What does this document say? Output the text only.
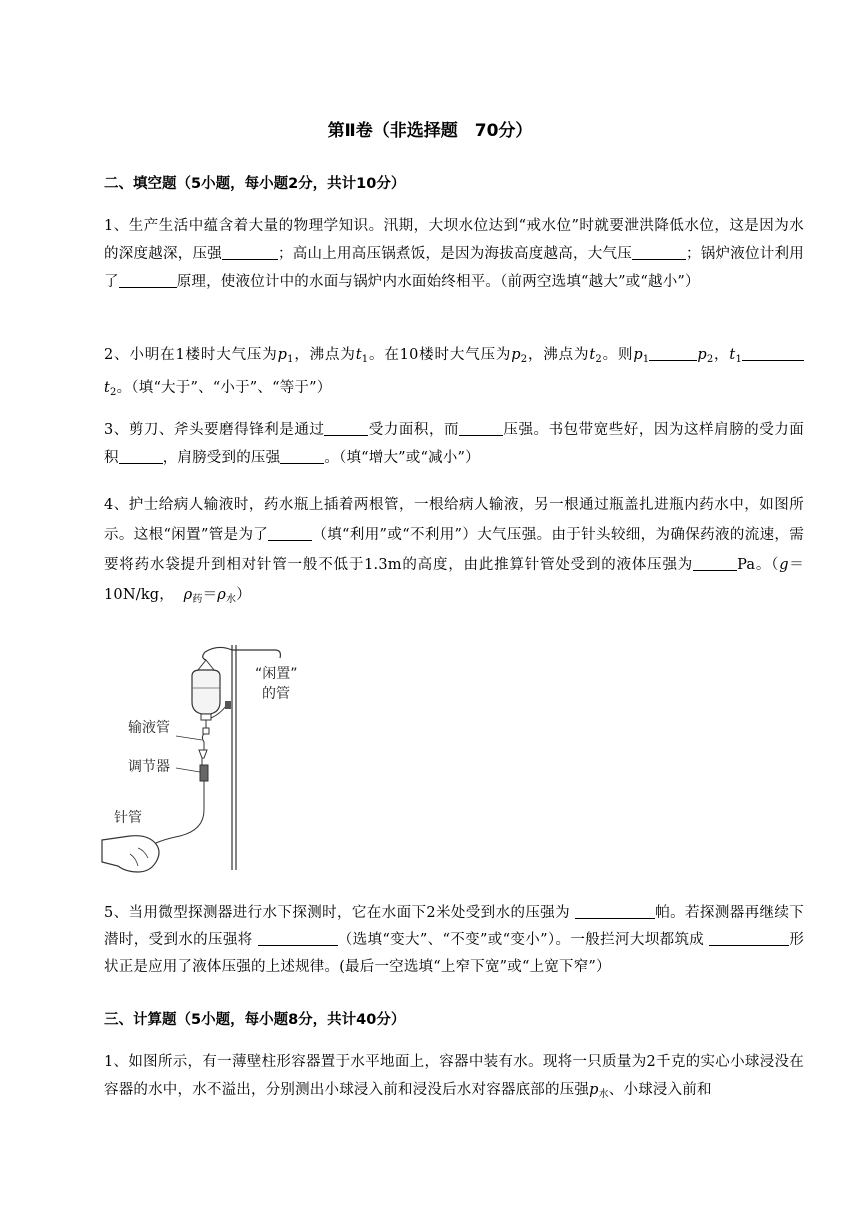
第Ⅱ卷（非选择题　70分）
二、填空题（5小题，每小题2分，共计10分）
1、生产生活中蕴含着大量的物理学知识。汛期，大坝水位达到“戒水位”时就要泄洪降低水位，这是因为水的深度越深，压强	；高山上用高压锅煮饭，是因为海拔高度越高，大气压	；锅炉液位计利用了	原理，使液位计中的水面与锅炉内水面始终相平。（前两空选填“越大”或“越小”）
2、小明在1楼时大气压为$p_1$，沸点为$t_1$。在10楼时大气压为$p_2$，沸点为$t_2$。则$p_1$	$p_2$，$t_1t_2$。（填“大于”、“小于”、“等于”）
3、剪刀、斧头要磨得锋利是通过	受力面积，而	压强。书包带宽些好，因为这样肩膀的受力面积	，肩膀受到的压强	。（填“增大”或“减小”）
4、护士给病人输液时，药水瓶上插着两根管，一根给病人输液，另一根通过瓶盖扎进瓶内药水中，如图所示。这根“闲置”管是为了	（填“利用”或“不利用”）大气压强。由于针头较细，为确保药液的流速，需要将药水袋提升到相对针管一般不低于1.3m的高度，由此推算针管处受到的液体压强为	Pa。（g＝10N/kg， $\rho_药=\rho_水$）
“闲置”
的管
输液管
调节器
针管
5、当用微型探测器进行水下探测时，它在水面下2米处受到水的压强为	帕。若探测器再继续下潜时，受到水的压强将	（选填“变大”、“不变”或“变小”）。一般拦河大坝都筑成	形状正是应用了液体压强的上述规律。(最后一空选填“上窄下宽”或“上宽下窄”）
三、计算题（5小题，每小题8分，共计40分）
1、如图所示，有一薄壁柱形容器置于水平地面上，容器中装有水。现将一只质量为2千克的实心小球浸没在容器的水中，水不溢出，分别测出小球浸入前和浸没后水对容器底部的压强$p_水$、小球浸入前和
